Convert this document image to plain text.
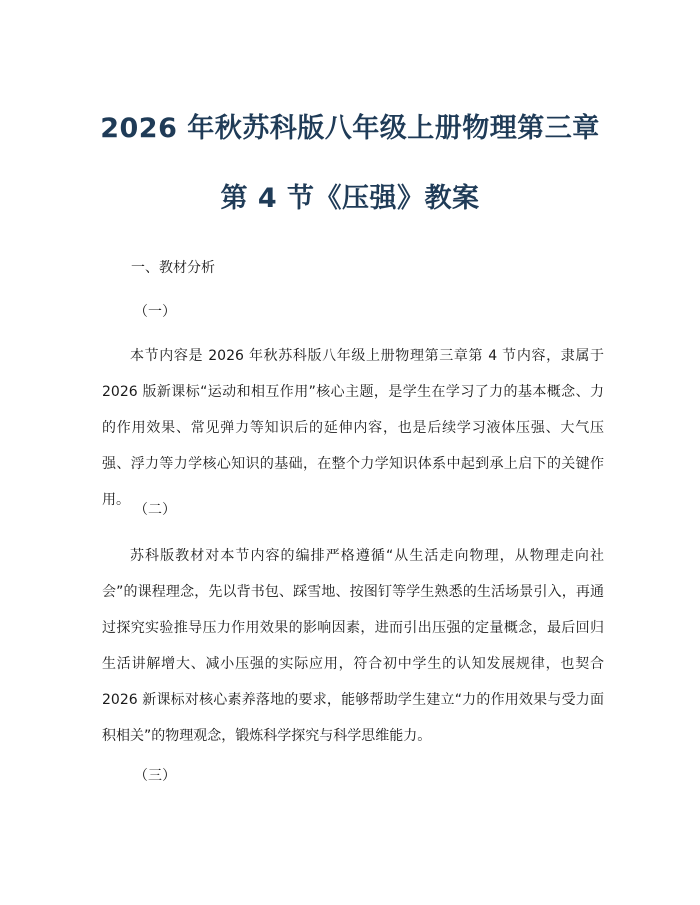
2026 年秋苏科版八年级上册物理第三章
第 4 节《压强》教案
一、教材分析
（一）

本节内容是 2026 年秋苏科版八年级上册物理第三章第 4 节内容，隶属于 2026 版新课标“运动和相互作用”核心主题，是学生在学习了力的基本概念、力的作用效果、常见弹力等知识后的延伸内容，也是后续学习液体压强、大气压强、浮力等力学核心知识的基础，在整个力学知识体系中起到承上启下的关键作用。

（二）

苏科版教材对本节内容的编排严格遵循“从生活走向物理，从物理走向社会”的课程理念，先以背书包、踩雪地、按图钉等学生熟悉的生活场景引入，再通过探究实验推导压力作用效果的影响因素，进而引出压强的定量概念，最后回归生活讲解增大、减小压强的实际应用，符合初中学生的认知发展规律，也契合 2026 新课标对核心素养落地的要求，能够帮助学生建立“力的作用效果与受力面积相关”的物理观念，锻炼科学探究与科学思维能力。

（三）
